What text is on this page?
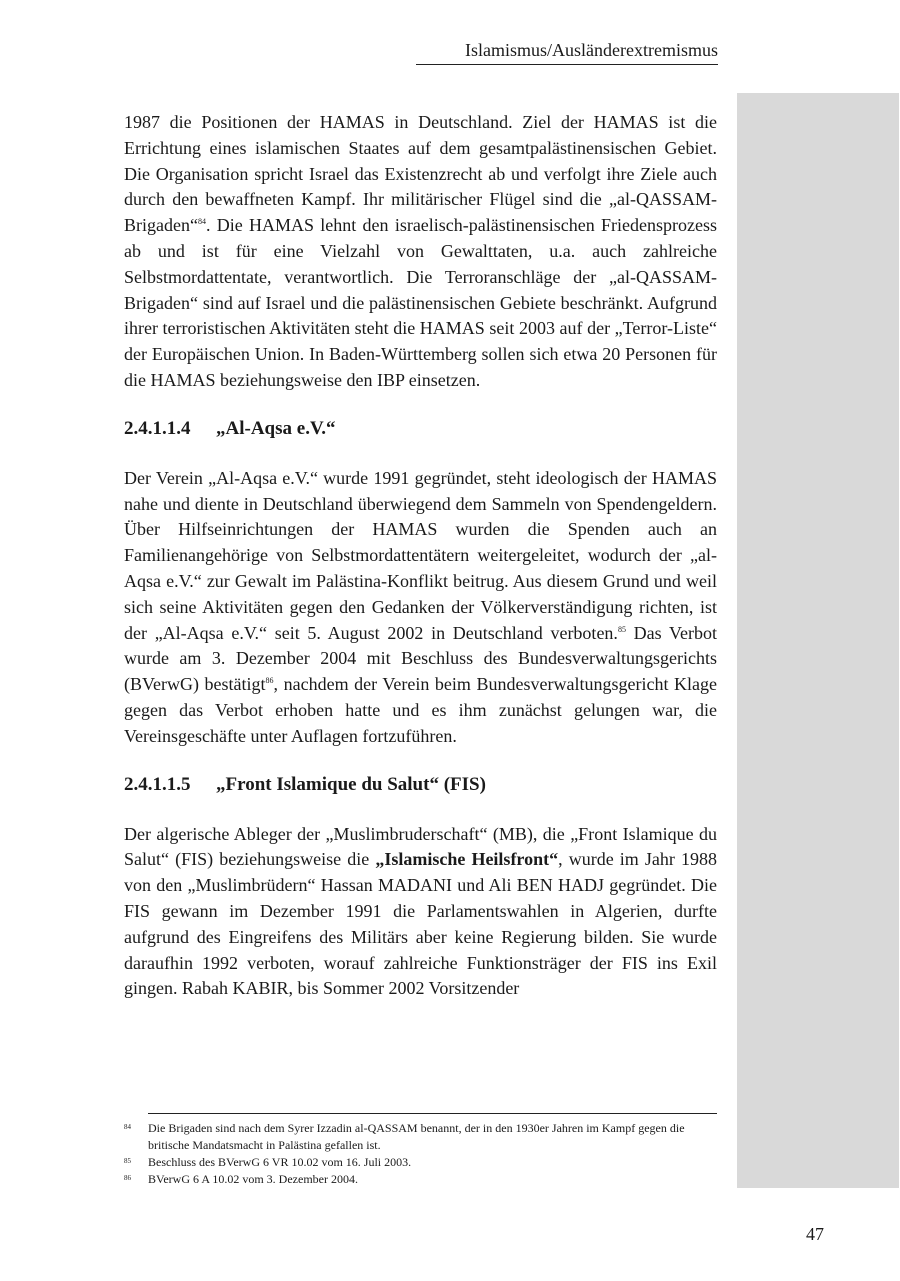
Islamismus/Ausländerextremismus

1987 die Positionen der HAMAS in Deutschland. Ziel der HAMAS ist die Errichtung eines islamischen Staates auf dem gesamtpalästinensischen Gebiet. Die Organisation spricht Israel das Existenzrecht ab und verfolgt ihre Ziele auch durch den bewaffneten Kampf. Ihr militärischer Flügel sind die „al-QASSAM-Brigaden“$^{84}$. Die HAMAS lehnt den israelisch-palästinensischen Friedensprozess ab und ist für eine Vielzahl von Gewalttaten, u.a. auch zahlreiche Selbstmordattentate, verantwortlich. Die Terroranschläge der „al-QASSAM-Brigaden“ sind auf Israel und die palästinensischen Gebiete beschränkt. Aufgrund ihrer terroristischen Aktivitäten steht die HAMAS seit 2003 auf der „Terror-Liste“ der Europäischen Union. In Baden-Württemberg sollen sich etwa 20 Personen für die HAMAS beziehungsweise den IBP einsetzen.

2.4.1.1.4 „Al-Aqsa e.V.“

Der Verein „Al-Aqsa e.V.“ wurde 1991 gegründet, steht ideologisch der HAMAS nahe und diente in Deutschland überwiegend dem Sammeln von Spendengeldern. Über Hilfseinrichtungen der HAMAS wurden die Spenden auch an Familienangehörige von Selbstmordattentätern weitergeleitet, wodurch der „al-Aqsa e.V.“ zur Gewalt im Palästina-Konflikt beitrug. Aus diesem Grund und weil sich seine Aktivitäten gegen den Gedanken der Völkerverständigung richten, ist der „Al-Aqsa e.V.“ seit 5. August 2002 in Deutschland verboten.$^{85}$ Das Verbot wurde am 3. Dezember 2004 mit Beschluss des Bundesverwaltungsgerichts (BVerwG) bestätigt$^{86}$, nachdem der Verein beim Bundesverwaltungsgericht Klage gegen das Verbot erhoben hatte und es ihm zunächst gelungen war, die Vereinsgeschäfte unter Auflagen fortzuführen.

2.4.1.1.5 „Front Islamique du Salut“ (FIS)

Der algerische Ableger der „Muslimbruderschaft“ (MB), die „Front Islamique du Salut“ (FIS) beziehungsweise die „Islamische Heilsfront“, wurde im Jahr 1988 von den „Muslimbrüdern“ Hassan MADANI und Ali BEN HADJ gegründet. Die FIS gewann im Dezember 1991 die Parlamentswahlen in Algerien, durfte aufgrund des Eingreifens des Militärs aber keine Regierung bilden. Sie wurde daraufhin 1992 verboten, worauf zahlreiche Funktionsträger der FIS ins Exil gingen. Rabah KABIR, bis Sommer 2002 Vorsitzender

84 Die Brigaden sind nach dem Syrer Izzadin al-QASSAM benannt, der in den 1930er Jahren im Kampf gegen die britische Mandatsmacht in Palästina gefallen ist.
85 Beschluss des BVerwG 6 VR 10.02 vom 16. Juli 2003.
86 BVerwG 6 A 10.02 vom 3. Dezember 2004.
47
